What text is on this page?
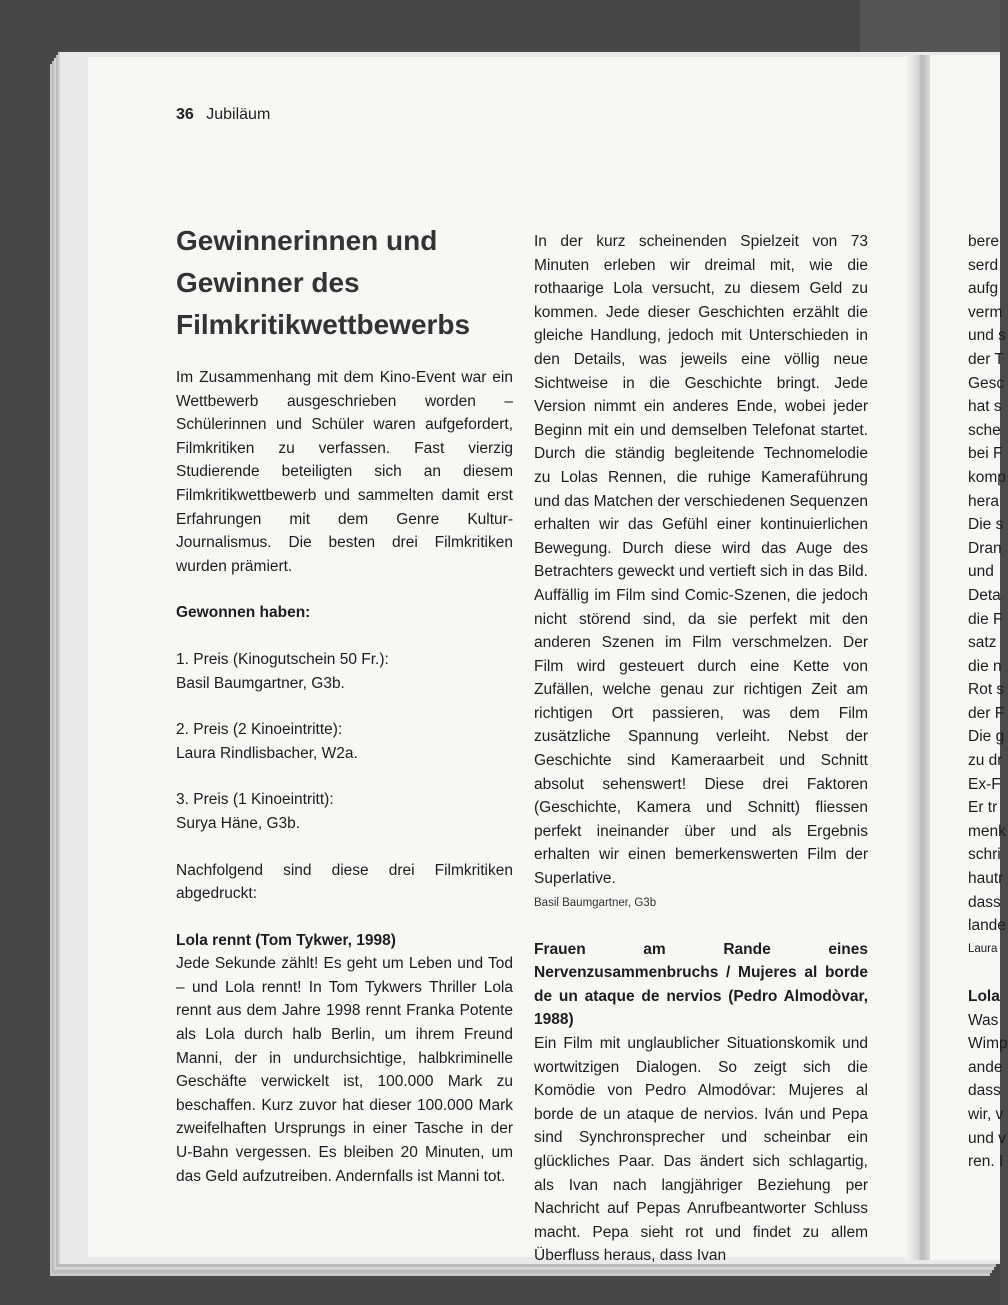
36 Jubiläum
Gewinnerinnen und Gewinner des Filmkritikwettbewerbs

Im Zusammenhang mit dem Kino-Event war ein Wettbewerb ausgeschrieben worden – Schülerinnen und Schüler waren aufgefordert, Filmkritiken zu verfassen. Fast vierzig Studierende beteiligten sich an diesem Filmkritikwettbewerb und sammelten damit erst Erfahrungen mit dem Genre Kultur-Journalismus. Die besten drei Filmkritiken wurden prämiert.

Gewonnen haben:

1. Preis (Kinogutschein 50 Fr.):

Basil Baumgartner, G3b.

2. Preis (2 Kinoeintritte):

Laura Rindlisbacher, W2a.

3. Preis (1 Kinoeintritt):

Surya Häne, G3b.

Nachfolgend sind diese drei Filmkritiken abgedruckt:

Lola rennt (Tom Tykwer, 1998)

Jede Sekunde zählt! Es geht um Leben und Tod – und Lola rennt! In Tom Tykwers Thriller Lola rennt aus dem Jahre 1998 rennt Franka Potente als Lola durch halb Berlin, um ihrem Freund Manni, der in undurchsichtige, halbkriminelle Geschäfte verwickelt ist, 100.000 Mark zu beschaffen. Kurz zuvor hat dieser 100.000 Mark zweifelhaften Ursprungs in einer Tasche in der U-Bahn vergessen. Es bleiben 20 Minuten, um das Geld aufzutreiben. Andernfalls ist Manni tot.

In der kurz scheinenden Spielzeit von 73 Minuten erleben wir dreimal mit, wie die rothaarige Lola versucht, zu diesem Geld zu kommen. Jede dieser Geschichten erzählt die gleiche Handlung, jedoch mit Unterschieden in den Details, was jeweils eine völlig neue Sichtweise in die Geschichte bringt. Jede Version nimmt ein anderes Ende, wobei jeder Beginn mit ein und demselben Telefonat startet. Durch die ständig begleitende Technomelodie zu Lolas Rennen, die ruhige Kameraführung und das Matchen der verschiedenen Sequenzen erhalten wir das Gefühl einer kontinuierlichen Bewegung. Durch diese wird das Auge des Betrachters geweckt und vertieft sich in das Bild. Auffällig im Film sind Comic-Szenen, die jedoch nicht störend sind, da sie perfekt mit den anderen Szenen im Film verschmelzen. Der Film wird gesteuert durch eine Kette von Zufällen, welche genau zur richtigen Zeit am richtigen Ort passieren, was dem Film zusätzliche Spannung verleiht. Nebst der Geschichte sind Kameraarbeit und Schnitt absolut sehenswert! Diese drei Faktoren (Geschichte, Kamera und Schnitt) fliessen perfekt ineinander über und als Ergebnis erhalten wir einen bemerkenswerten Film der Superlative.

Basil Baumgartner, G3b

Frauen am Rande eines Nervenzusammenbruchs / Mujeres al borde de un ataque de nervios (Pedro Almodòvar, 1988)

Ein Film mit unglaublicher Situationskomik und wortwitzigen Dialogen. So zeigt sich die Komödie von Pedro Almodóvar: Mujeres al borde de un ataque de nervios. Iván und Pepa sind Synchronsprecher und scheinbar ein glückliches Paar. Das ändert sich schlagartig, als Ivan nach langjähriger Beziehung per Nachricht auf Pepas Anrufbeantworter Schluss macht. Pepa sieht rot und findet zu allem Überfluss heraus, dass Ivan

bere
serd
aufg
verm
und s
der T
Gesc
hat s
sche
bei F
komp
hera
Die s
Dran
und
Deta
die F
satz
die n
Rot s
der F
Die g
zu dr
Ex-F
Er tr
menk
schri
hautr
dass
lande
Laura
Lola
Was
Wimp
ande
dass
wir, v
und v
ren. I
